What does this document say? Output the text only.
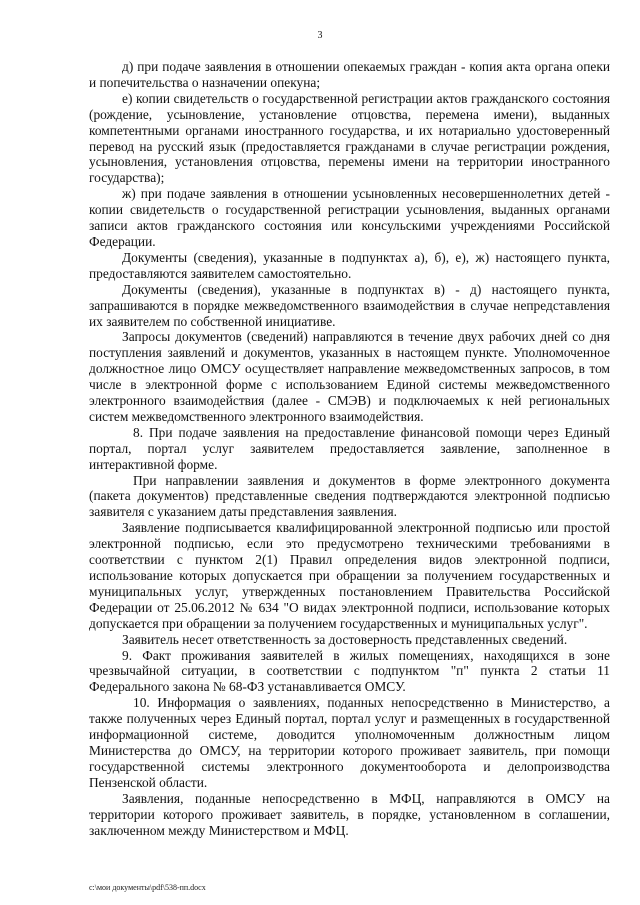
3

д) при подаче заявления в отношении опекаемых граждан - копия акта органа опеки и попечительства о назначении опекуна;

е) копии свидетельств о государственной регистрации актов гражданского состояния (рождение, усыновление, установление отцовства, перемена имени), выданных компетентными органами иностранного государства, и их нотариально удостоверенный перевод на русский язык (предоставляется гражданами в случае регистрации рождения, усыновления, установления отцовства, перемены имени на территории иностранного государства);

ж) при подаче заявления в отношении усыновленных несовершеннолетних детей - копии свидетельств о государственной регистрации усыновления, выданных органами записи актов гражданского состояния или консульскими учреждениями Российской Федерации.

Документы (сведения), указанные в подпунктах а), б), е), ж) настоящего пункта, предоставляются заявителем самостоятельно.

Документы (сведения), указанные в подпунктах в) - д) настоящего пункта, запрашиваются в порядке межведомственного взаимодействия в случае непредставления их заявителем по собственной инициативе.

Запросы документов (сведений) направляются в течение двух рабочих дней со дня поступления заявлений и документов, указанных в настоящем пункте. Уполномоченное должностное лицо ОМСУ осуществляет направление межведомственных запросов, в том числе в электронной форме с использованием Единой системы межведомственного электронного взаимодействия (далее - СМЭВ) и подключаемых к ней региональных систем межведомственного электронного взаимодействия.

8. При подаче заявления на предоставление финансовой помощи через Единый портал, портал услуг заявителем предоставляется заявление, заполненное в интерактивной форме.

При направлении заявления и документов в форме электронного документа (пакета документов) представленные сведения подтверждаются электронной подписью заявителя с указанием даты представления заявления.

Заявление подписывается квалифицированной электронной подписью или простой электронной подписью, если это предусмотрено техническими требованиями в соответствии с пунктом 2(1) Правил определения видов электронной подписи, использование которых допускается при обращении за получением государственных и муниципальных услуг, утвержденных постановлением Правительства Российской Федерации от 25.06.2012 № 634 "О видах электронной подписи, использование которых допускается при обращении за получением государственных и муниципальных услуг".

Заявитель несет ответственность за достоверность представленных сведений.

9. Факт проживания заявителей в жилых помещениях, находящихся в зоне чрезвычайной ситуации, в соответствии с подпунктом "п" пункта 2 статьи 11 Федерального закона № 68-ФЗ устанавливается ОМСУ.

10. Информация о заявлениях, поданных непосредственно в Министерство, а также полученных через Единый портал, портал услуг и размещенных в государственной информационной системе, доводится уполномоченным должностным лицом Министерства до ОМСУ, на территории которого проживает заявитель, при помощи государственной системы электронного документооборота и делопроизводства Пензенской области.

Заявления, поданные непосредственно в МФЦ, направляются в ОМСУ на территории которого проживает заявитель, в порядке, установленном в соглашении, заключенном между Министерством и МФЦ.

c:\мои документы\pdf\538-пп.docx
